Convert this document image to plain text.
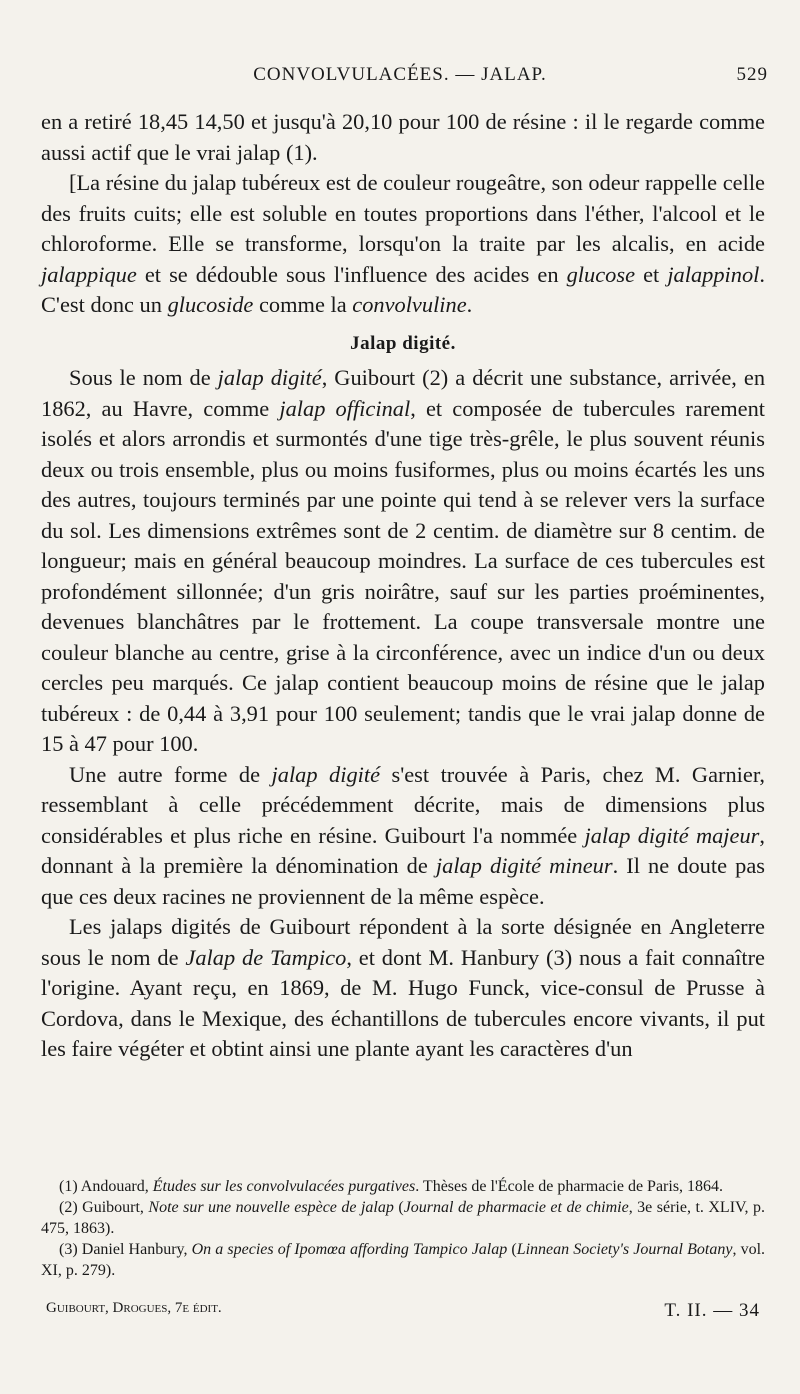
CONVOLVULACÉES. — JALAP.	529

en a retiré 18,45 14,50 et jusqu'à 20,10 pour 100 de résine : il le regarde comme aussi actif que le vrai jalap (1).

[La résine du jalap tubéreux est de couleur rougeâtre, son odeur rappelle celle des fruits cuits; elle est soluble en toutes proportions dans l'éther, l'alcool et le chloroforme. Elle se transforme, lorsqu'on la traite par les alcalis, en acide jalappique et se dédouble sous l'influence des acides en glucose et jalappinol. C'est donc un glucoside comme la convolvuline.

Jalap digité.

Sous le nom de jalap digité, Guibourt (2) a décrit une substance, arrivée, en 1862, au Havre, comme jalap officinal, et composée de tubercules rarement isolés et alors arrondis et surmontés d'une tige très-grêle, le plus souvent réunis deux ou trois ensemble, plus ou moins fusiformes, plus ou moins écartés les uns des autres, toujours terminés par une pointe qui tend à se relever vers la surface du sol. Les dimensions extrêmes sont de 2 centim. de diamètre sur 8 centim. de longueur; mais en général beaucoup moindres. La surface de ces tubercules est profondément sillonnée; d'un gris noirâtre, sauf sur les parties proéminentes, devenues blanchâtres par le frottement. La coupe transversale montre une couleur blanche au centre, grise à la circonférence, avec un indice d'un ou deux cercles peu marqués. Ce jalap contient beaucoup moins de résine que le jalap tubéreux : de 0,44 à 3,91 pour 100 seulement; tandis que le vrai jalap donne de 15 à 47 pour 100.

Une autre forme de jalap digité s'est trouvée à Paris, chez M. Garnier, ressemblant à celle précédemment décrite, mais de dimensions plus considérables et plus riche en résine. Guibourt l'a nommée jalap digité majeur, donnant à la première la dénomination de jalap digité mineur. Il ne doute pas que ces deux racines ne proviennent de la même espèce.

Les jalaps digités de Guibourt répondent à la sorte désignée en Angleterre sous le nom de Jalap de Tampico, et dont M. Hanbury (3) nous a fait connaître l'origine. Ayant reçu, en 1869, de M. Hugo Funck, vice-consul de Prusse à Cordova, dans le Mexique, des échantillons de tubercules encore vivants, il put les faire végéter et obtint ainsi une plante ayant les caractères d'un

(1) Andouard, Études sur les convolvulacées purgatives. Thèses de l'École de pharmacie de Paris, 1864.

(2) Guibourt, Note sur une nouvelle espèce de jalap (Journal de pharmacie et de chimie, 3e série, t. XLIV, p. 475, 1863).

(3) Daniel Hanbury, On a species of Ipomœa affording Tampico Jalap (Linnean Society's Journal Botany, vol. XI, p. 279).

Guibourt, Drogues, 7e édit.	T. II. — 34
